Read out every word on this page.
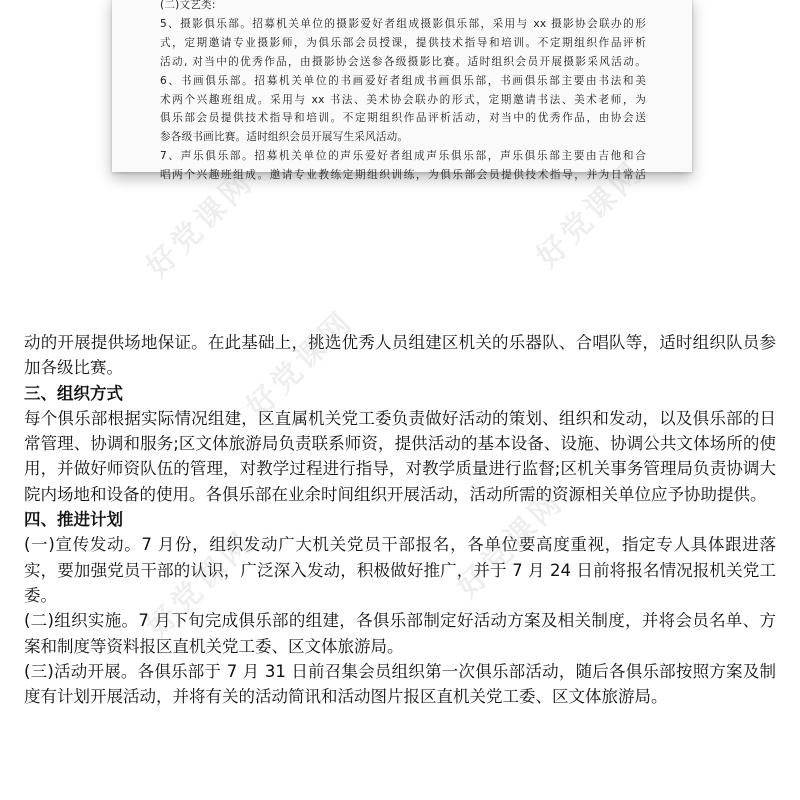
(二)文艺类:

5、摄影俱乐部。招募机关单位的摄影爱好者组成摄影俱乐部，采用与 xx 摄影协会联办的形

式，定期邀请专业摄影师，为俱乐部会员授课，提供技术指导和培训。不定期组织作品评析

活动, 对当中的优秀作品，由摄影协会送参各级摄影比赛。适时组织会员开展摄影采风活动。

6、书画俱乐部。招募机关单位的书画爱好者组成书画俱乐部，书画俱乐部主要由书法和美

术两个兴趣班组成。采用与 xx 书法、美术协会联办的形式，定期邀请书法、美术老师，为

俱乐部会员提供技术指导和培训。不定期组织作品评析活动，对当中的优秀作品，由协会送

参各级书画比赛。适时组织会员开展写生采风活动。

7、声乐俱乐部。招募机关单位的声乐爱好者组成声乐俱乐部，声乐俱乐部主要由吉他和合

唱两个兴趣班组成。邀请专业教练定期组织训练，为俱乐部会员提供技术指导，并为日常活

动的开展提供场地保证。在此基础上，挑选优秀人员组建区机关的乐器队、合唱队等，适时组织队员参加各级比赛。

三、组织方式

每个俱乐部根据实际情况组建，区直属机关党工委负责做好活动的策划、组织和发动，以及俱乐部的日常管理、协调和服务;区文体旅游局负责联系师资，提供活动的基本设备、设施、协调公共文体场所的使用，并做好师资队伍的管理，对教学过程进行指导，对教学质量进行监督;区机关事务管理局负责协调大院内场地和设备的使用。各俱乐部在业余时间组织开展活动，活动所需的资源相关单位应予协助提供。

四、推进计划

(一)宣传发动。7 月份，组织发动广大机关党员干部报名，各单位要高度重视，指定专人具体跟进落实，要加强党员干部的认识，广泛深入发动，积极做好推广，并于 7 月 24 日前将报名情况报机关党工委。

(二)组织实施。7 月下旬完成俱乐部的组建，各俱乐部制定好活动方案及相关制度，并将会员名单、方案和制度等资料报区直机关党工委、区文体旅游局。

(三)活动开展。各俱乐部于 7 月 31 日前召集会员组织第一次俱乐部活动，随后各俱乐部按照方案及制度有计划开展活动，并将有关的活动简讯和活动图片报区直机关党工委、区文体旅游局。

好党课网	好党课网
好党课网
好党课网
好党课网
